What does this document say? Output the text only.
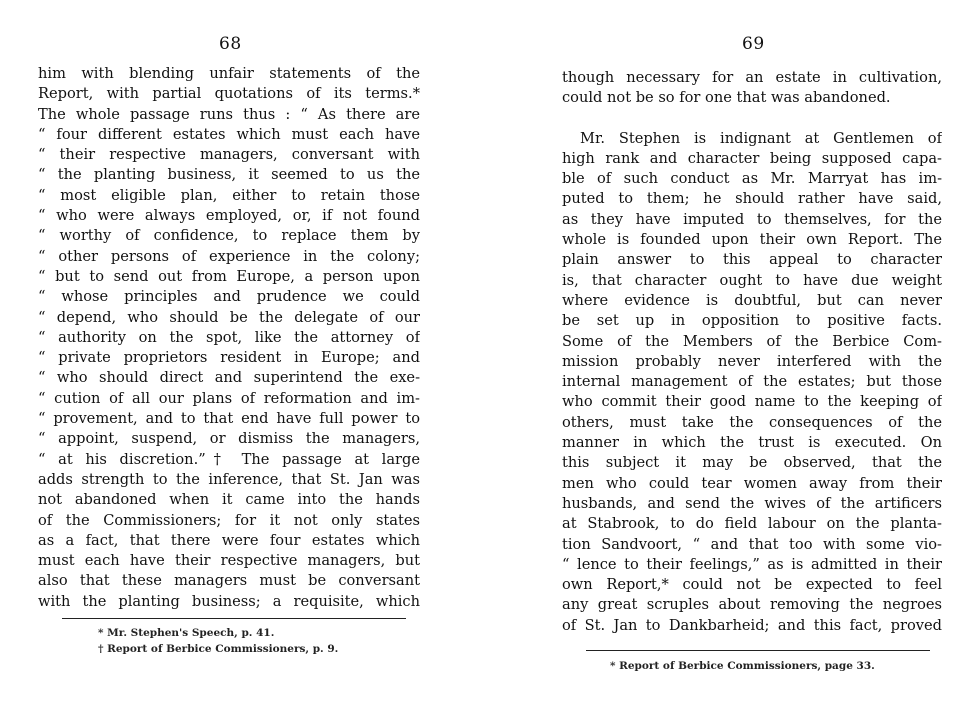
68
him with blending unfair statements of the
Report, with partial quotations of its terms.*
The whole passage runs thus : “ As there are
“ four different estates which must each have
“ their respective managers, conversant with
“ the planting business, it seemed to us the
“ most eligible plan, either to retain those
“ who were always employed, or, if not found
“ worthy of confidence, to replace them by
“ other persons of experience in the colony;
“ but to send out from Europe, a person upon
“ whose principles and prudence we could
“ depend, who should be the delegate of our
“ authority on the spot, like the attorney of
“ private proprietors resident in Europe; and
“ who should direct and superintend the exe-
“ cution of all our plans of reformation and im-
“ provement, and to that end have full power to
“ appoint, suspend, or dismiss the managers,
“ at his discretion.”† The passage at large
adds strength to the inference, that St. Jan was
not abandoned when it came into the hands
of the Commissioners; for it not only states
as a fact, that there were four estates which
must each have their respective managers, but
also that these managers must be conversant
with the planting business; a requisite, which
* Mr. Stephen's Speech, p. 41.
† Report of Berbice Commissioners, p. 9.
69
though necessary for an estate in cultivation,
could not be so for one that was abandoned.
Mr. Stephen is indignant at Gentlemen of
high rank and character being supposed capa-
ble of such conduct as Mr. Marryat has im-
puted to them; he should rather have said,
as they have imputed to themselves, for the
whole is founded upon their own Report. The
plain answer to this appeal to character
is, that character ought to have due weight
where evidence is doubtful, but can never
be set up in opposition to positive facts.
Some of the Members of the Berbice Com-
mission probably never interfered with the
internal management of the estates; but those
who commit their good name to the keeping of
others, must take the consequences of the
manner in which the trust is executed. On
this subject it may be observed, that the
men who could tear women away from their
husbands, and send the wives of the artificers
at Stabrook, to do field labour on the planta-
tion Sandvoort, “ and that too with some vio-
“ lence to their feelings,” as is admitted in their
own Report,* could not be expected to feel
any great scruples about removing the negroes
of St. Jan to Dankbarheid; and this fact, proved
* Report of Berbice Commissioners, page 33.
